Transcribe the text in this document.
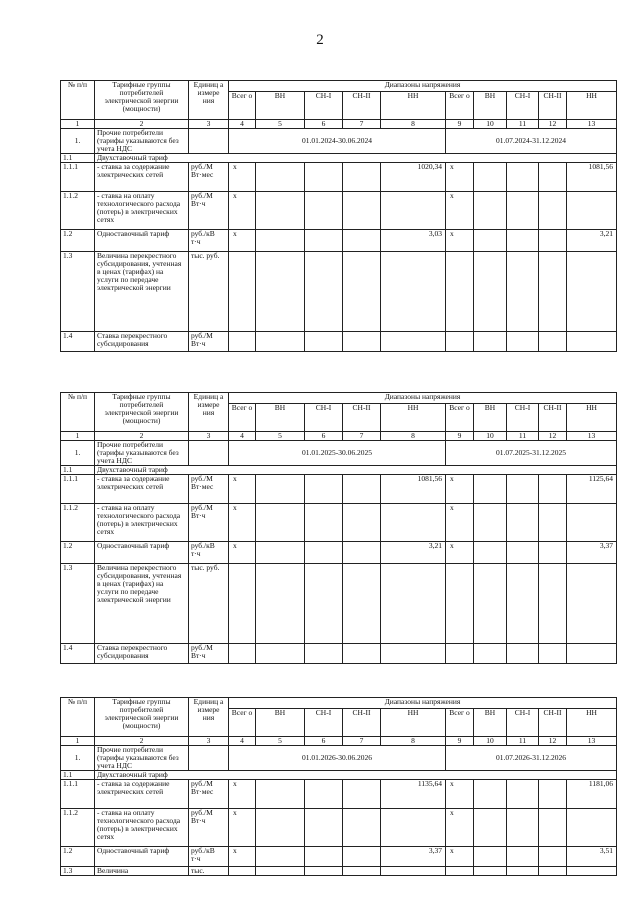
2
№ п/п	Тарифные группы потребителей электрической энергии (мощности)	Единиц а измере ния	Диапазоны напряжения									
			Всег о	ВН	СН-I	СН-II	НН	Всег о	ВН	СН-I	СН-II	НН
1	2	3	4	5	6	7	8	9	10	11	12	13
1.	Прочие потребители (тарифы указываются без учета НДС		01.01.2024-30.06.2024					01.07.2024-31.12.2024				
1.1	Двухставочный тариф											
1.1.1	- ставка за содержание электрических сетей	руб./М Вт·мес	х				1020,34	х				1081,56
1.1.2	- ставка на оплату технологического расхода (потерь) в электрических сетях	руб./М Вт·ч	х					х				
1.2	Одноставочный тариф	руб./кВ т·ч	х				3,03	х				3,21
1.3	Величина перекрестного субсидирования, учтенная в ценах (тарифах) на услуги по передаче электрической энергии	тыс. руб.										
1.4	Ставка перекрестного субсидирования	руб./М Вт·ч										
№ п/п	Тарифные группы потребителей электрической энергии (мощности)	Единиц а измере ния	Диапазоны напряжения									
			Всег о	ВН	СН-I	СН-II	НН	Всег о	ВН	СН-I	СН-II	НН
1	2	3	4	5	6	7	8	9	10	11	12	13
1.	Прочие потребители (тарифы указываются без учета НДС		01.01.2025-30.06.2025					01.07.2025-31.12.2025				
1.1	Двухставочный тариф											
1.1.1	- ставка за содержание электрических сетей	руб./М Вт·мес	х				1081,56	х				1125,64
1.1.2	- ставка на оплату технологического расхода (потерь) в электрических сетях	руб./М Вт·ч	х					х				
1.2	Одноставочный тариф	руб./кВ т·ч	х				3,21	х				3,37
1.3	Величина перекрестного субсидирования, учтенная в ценах (тарифах) на услуги по передаче электрической энергии	тыс. руб.										
1.4	Ставка перекрестного субсидирования	руб./М Вт·ч										
№ п/п	Тарифные группы потребителей электрической энергии (мощности)	Единиц а измере ния	Диапазоны напряжения									
			Всег о	ВН	СН-I	СН-II	НН	Всег о	ВН	СН-I	СН-II	НН
1	2	3	4	5	6	7	8	9	10	11	12	13
1.	Прочие потребители (тарифы указываются без учета НДС		01.01.2026-30.06.2026					01.07.2026-31.12.2026				
1.1	Двухставочный тариф											
1.1.1	- ставка за содержание электрических сетей	руб./М Вт·мес	х				1135,64	х				1181,06
1.1.2	- ставка на оплату технологического расхода (потерь) в электрических сетях	руб./М Вт·ч	х					х				
1.2	Одноставочный тариф	руб./кВ т·ч	х				3,37	х				3,51
1.3	Величина	тыс.										
